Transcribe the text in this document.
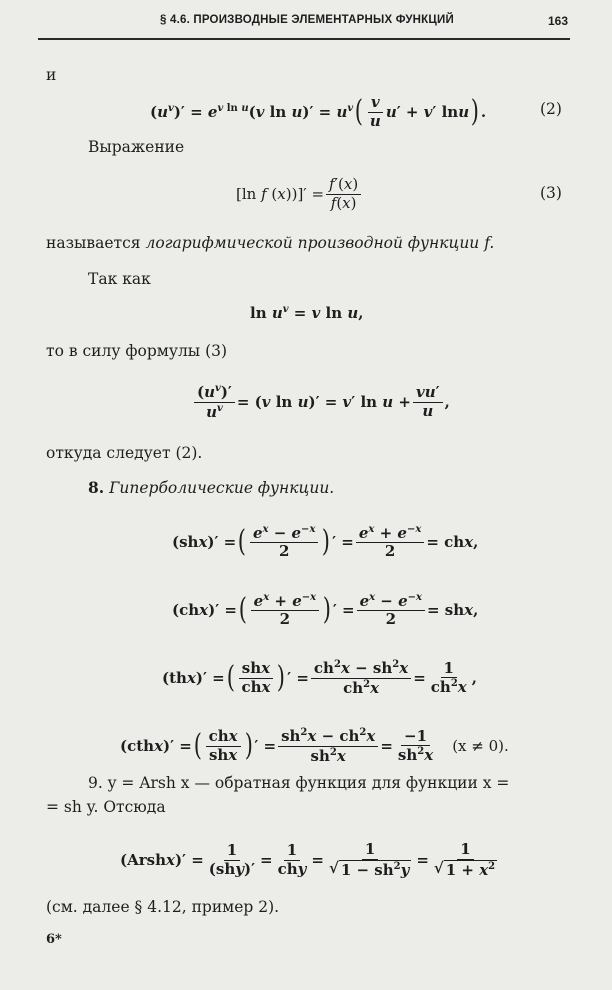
§ 4.6. ПРОИЗВОДНЫЕ ЭЛЕМЕНТАРНЫХ ФУНКЦИЙ	163
и
$(u^v)' = e^{v ln u}(v$ $\ln u)' = u^v$ ( $\frac{v}{u} u' + v'$ lnu ) .	(2)
Выражение
[ln f $(x))]' = \frac{f'(x)}{f(x)}$	(3)
называется логарифмической производной функции f.
Так как
$\ln u^v = v$ ln u,
то в силу формулы (3)
$\frac{(u^v)'}{u^v} = (v$ ln u)′ = v′ $\ln u + \frac{vu'}{u}$ ,
откуда следует (2).
8. Гиперболические функции.
(shx)′ = ( $\frac{e^x - e^{-x}}{2}$ ) ′ = $\frac{e^x + e^{-x}}{2}$ = chx,
(chx)′ = ( $\frac{e^x + e^{-x}}{2}$ ) ′ = $\frac{e^x - e^{-x}}{2}$ = shx,
(thx)′ = ( $\frac{\text{shx}}{\text{chx}}$ ) ′ = $\frac{ch^2x - sh^2x}{ch^2x} = \frac{1}{ch^2x}$ ,
(cthx)′ = ( $\frac{\text{chx}}{\text{shx}}$ ) ′ = $\frac{sh^2x - ch^2x}{sh^2x} = \frac{-1}{sh^2x} (x \ne 0)$.
9. y = Arsh x — обратная функция для функции x =
= sh y. Отсюда
(Arshx)′ = $\frac{1}{\text{(shy)′}} = \frac{1}{\text{chy}} = \frac{1}{√ 1 - sh^2y} = \frac{1}{√ 1 + x^2}$
(см. далее § 4.12, пример 2).
6*
